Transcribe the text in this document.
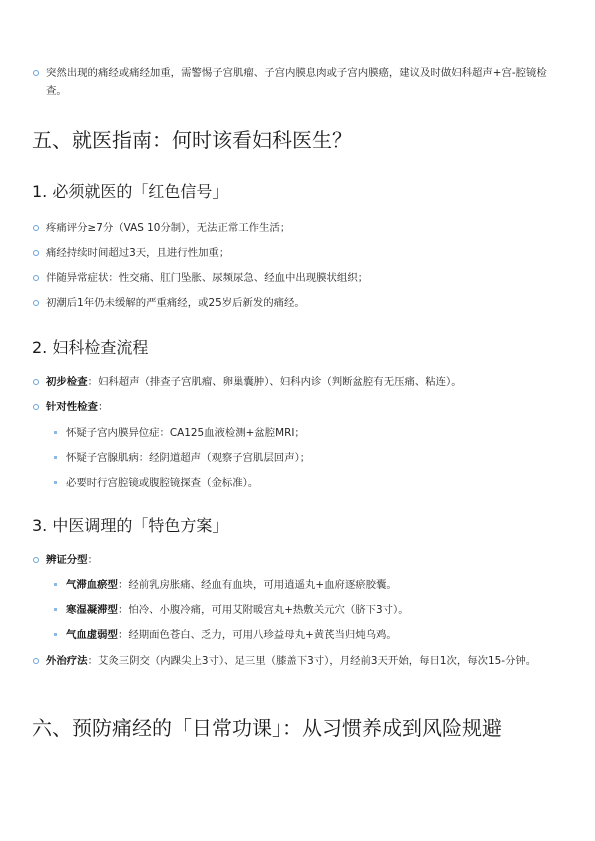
突然出现的痛经或痛经加重，需警惕子宫肌瘤、子宫内膜息肉或子宫内膜癌，建议及时做妇科超声+宫-腔镜检查。
五、就医指南：何时该看妇科医生？
1. 必须就医的「红色信号」
疼痛评分≥7分（VAS 10分制），无法正常工作生活；
痛经持续时间超过3天，且进行性加重；
伴随异常症状：性交痛、肛门坠胀、尿频尿急、经血中出现膜状组织；
初潮后1年仍未缓解的严重痛经，或25岁后新发的痛经。
2. 妇科检查流程
初步检查：妇科超声（排查子宫肌瘤、卵巢囊肿）、妇科内诊（判断盆腔有无压痛、粘连）。
针对性检查：
怀疑子宫内膜异位症：CA125血液检测+盆腔MRI；
怀疑子宫腺肌病：经阴道超声（观察子宫肌层回声）；
必要时行宫腔镜或腹腔镜探查（金标准）。
3. 中医调理的「特色方案」
辨证分型：
气滞血瘀型：经前乳房胀痛、经血有血块，可用逍遥丸+血府逐瘀胶囊。
寒湿凝滞型：怕冷、小腹冷痛，可用艾附暖宫丸+热敷关元穴（脐下3寸）。
气血虚弱型：经期面色苍白、乏力，可用八珍益母丸+黄芪当归炖乌鸡。
外治疗法：艾灸三阴交（内踝尖上3寸）、足三里（膝盖下3寸），月经前3天开始，每日1次，每次15-分钟。
六、预防痛经的「日常功课」：从习惯养成到风险规避
